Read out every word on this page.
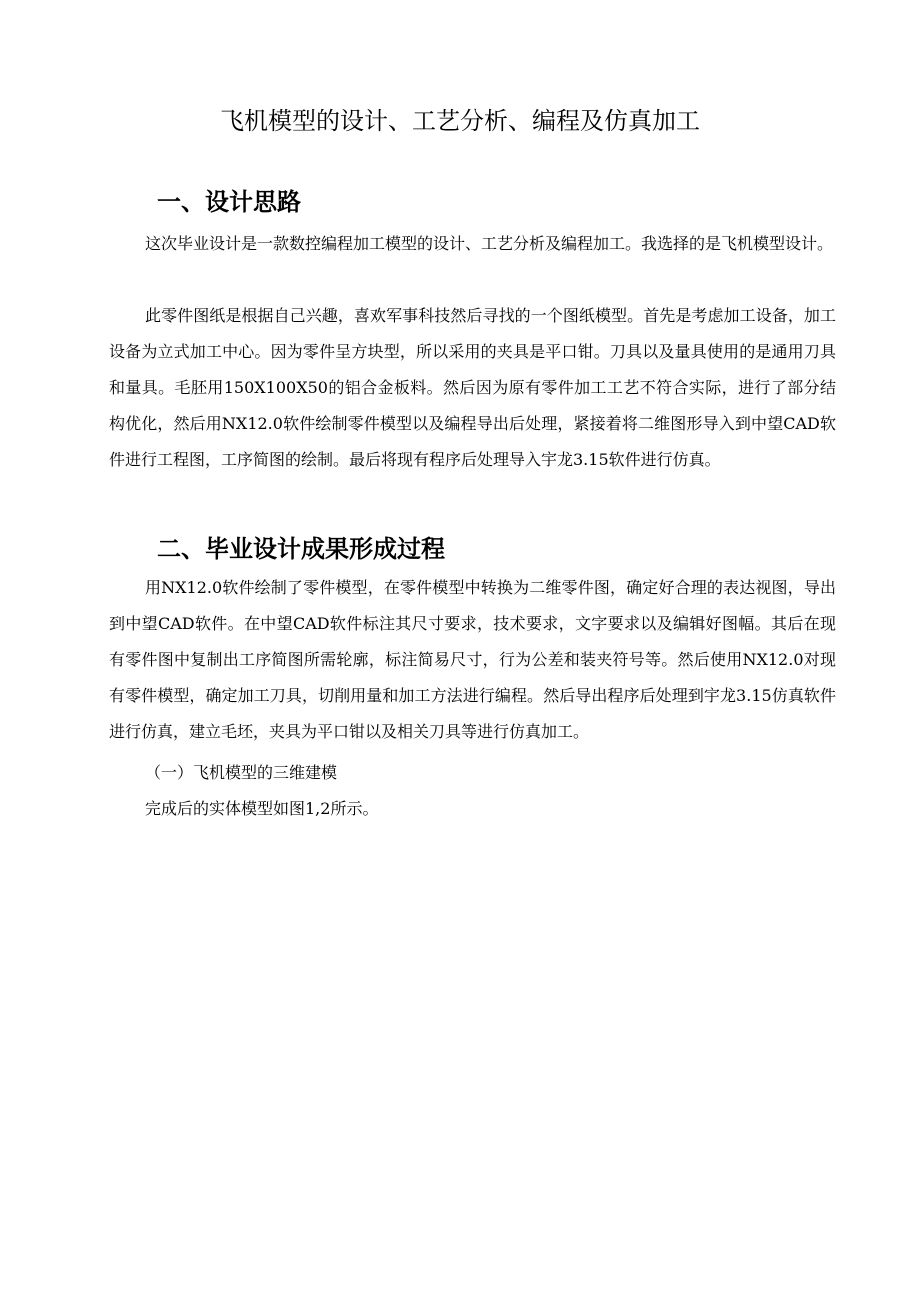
飞机模型的设计、工艺分析、编程及仿真加工
一、设计思路

这次毕业设计是一款数控编程加工模型的设计、工艺分析及编程加工。我选择的是飞机模型设计。

此零件图纸是根据自己兴趣，喜欢军事科技然后寻找的一个图纸模型。首先是考虑加工设备，加工设备为立式加工中心。因为零件呈方块型，所以采用的夹具是平口钳。刀具以及量具使用的是通用刀具和量具。毛胚用150X100X50的铝合金板料。然后因为原有零件加工工艺不符合实际，进行了部分结构优化，然后用NX12.0软件绘制零件模型以及编程导出后处理，紧接着将二维图形导入到中望CAD软件进行工程图，工序简图的绘制。最后将现有程序后处理导入宇龙3.15软件进行仿真。

二、毕业设计成果形成过程

用NX12.0软件绘制了零件模型，在零件模型中转换为二维零件图，确定好合理的表达视图，导出到中望CAD软件。在中望CAD软件标注其尺寸要求，技术要求，文字要求以及编辑好图幅。其后在现有零件图中复制出工序简图所需轮廓，标注简易尺寸，行为公差和装夹符号等。然后使用NX12.0对现有零件模型，确定加工刀具，切削用量和加工方法进行编程。然后导出程序后处理到宇龙3.15仿真软件进行仿真，建立毛坯，夹具为平口钳以及相关刀具等进行仿真加工。

（一）飞机模型的三维建模

完成后的实体模型如图1,2所示。
